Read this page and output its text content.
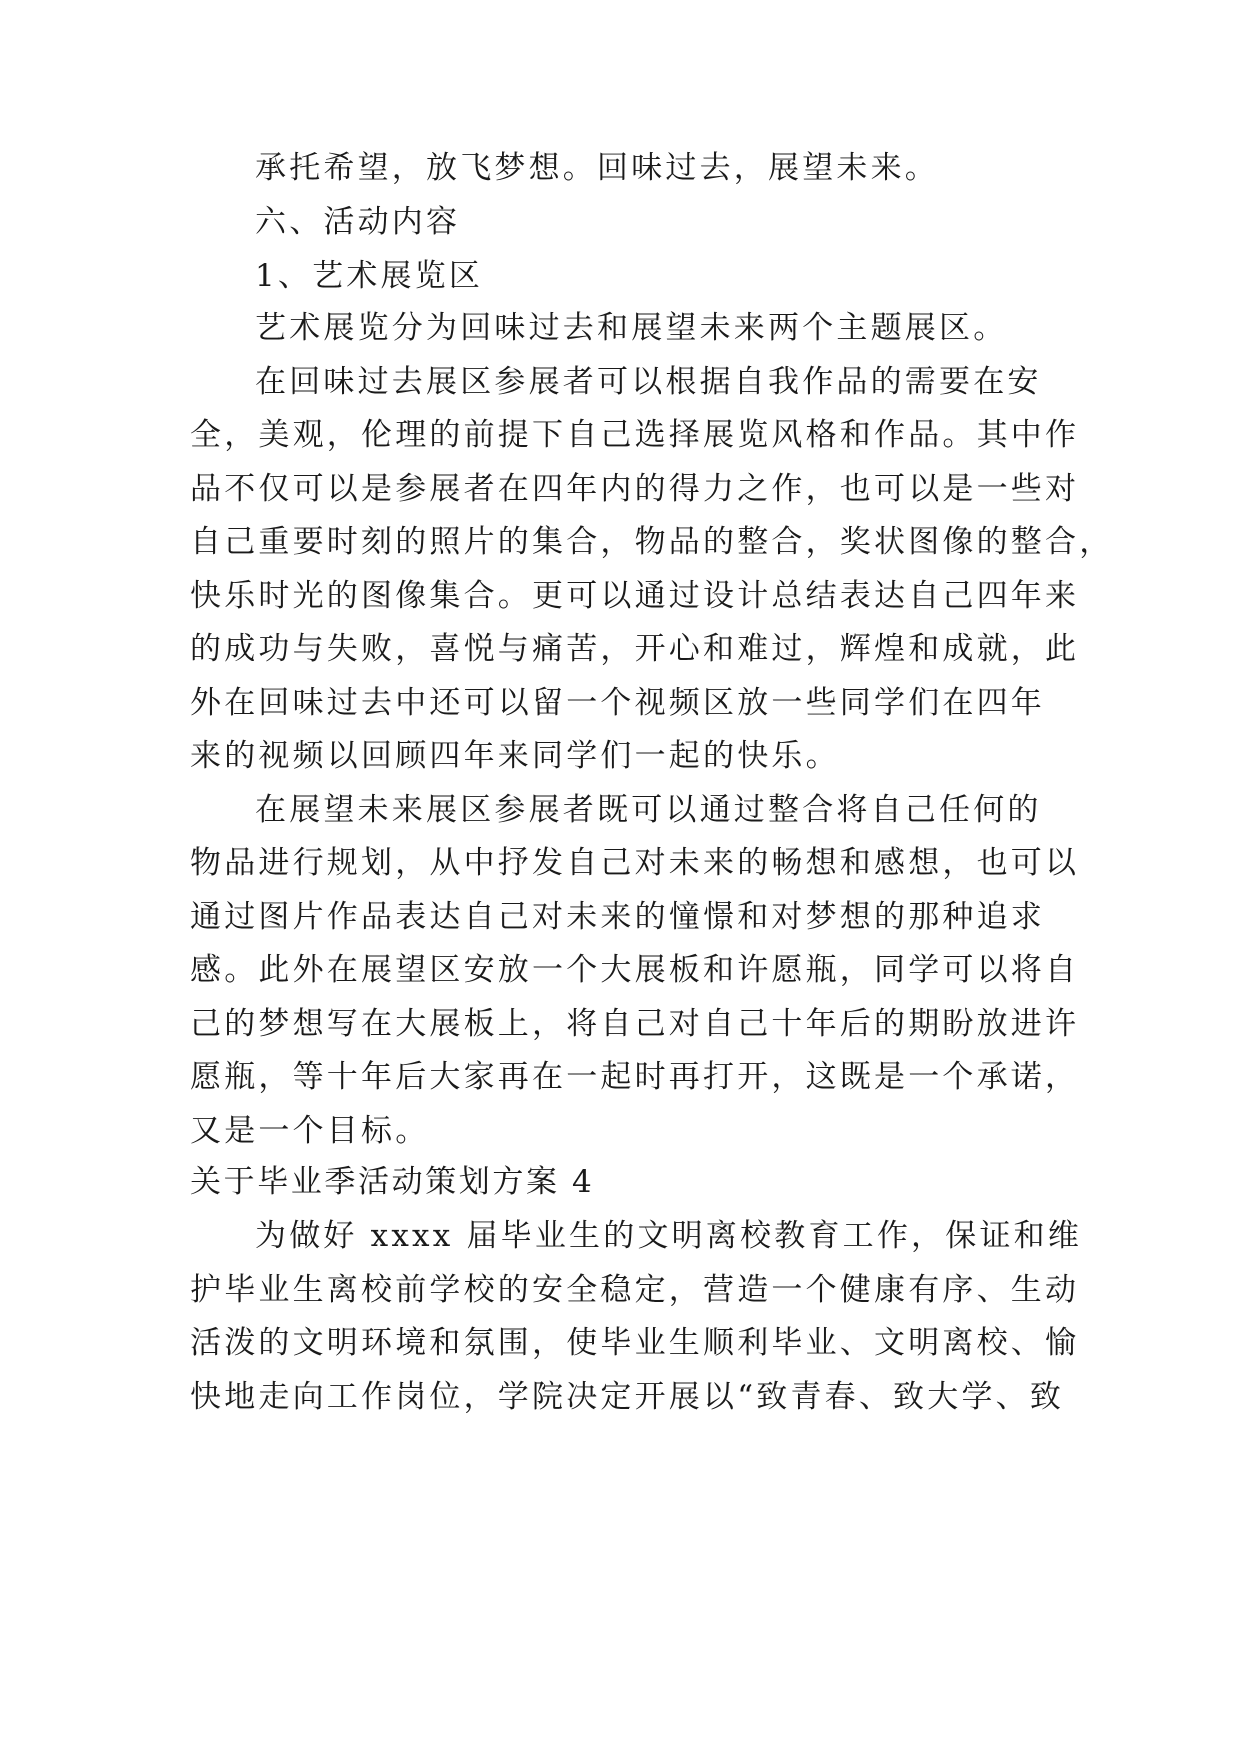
承托希望，放飞梦想。回味过去，展望未来。
六、活动内容
1、艺术展览区
艺术展览分为回味过去和展望未来两个主题展区。
在回味过去展区参展者可以根据自我作品的需要在安
全，美观，伦理的前提下自己选择展览风格和作品。其中作
品不仅可以是参展者在四年内的得力之作，也可以是一些对
自己重要时刻的照片的集合，物品的整合，奖状图像的整合，
快乐时光的图像集合。更可以通过设计总结表达自己四年来
的成功与失败，喜悦与痛苦，开心和难过，辉煌和成就，此
外在回味过去中还可以留一个视频区放一些同学们在四年
来的视频以回顾四年来同学们一起的快乐。
在展望未来展区参展者既可以通过整合将自己任何的
物品进行规划，从中抒发自己对未来的畅想和感想，也可以
通过图片作品表达自己对未来的憧憬和对梦想的那种追求
感。此外在展望区安放一个大展板和许愿瓶，同学可以将自
己的梦想写在大展板上，将自己对自己十年后的期盼放进许
愿瓶，等十年后大家再在一起时再打开，这既是一个承诺，
又是一个目标。
关于毕业季活动策划方案 4
为做好 xxxx 届毕业生的文明离校教育工作，保证和维
护毕业生离校前学校的安全稳定，营造一个健康有序、生动
活泼的文明环境和氛围，使毕业生顺利毕业、文明离校、愉
快地走向工作岗位，学院决定开展以“致青春、致大学、致
